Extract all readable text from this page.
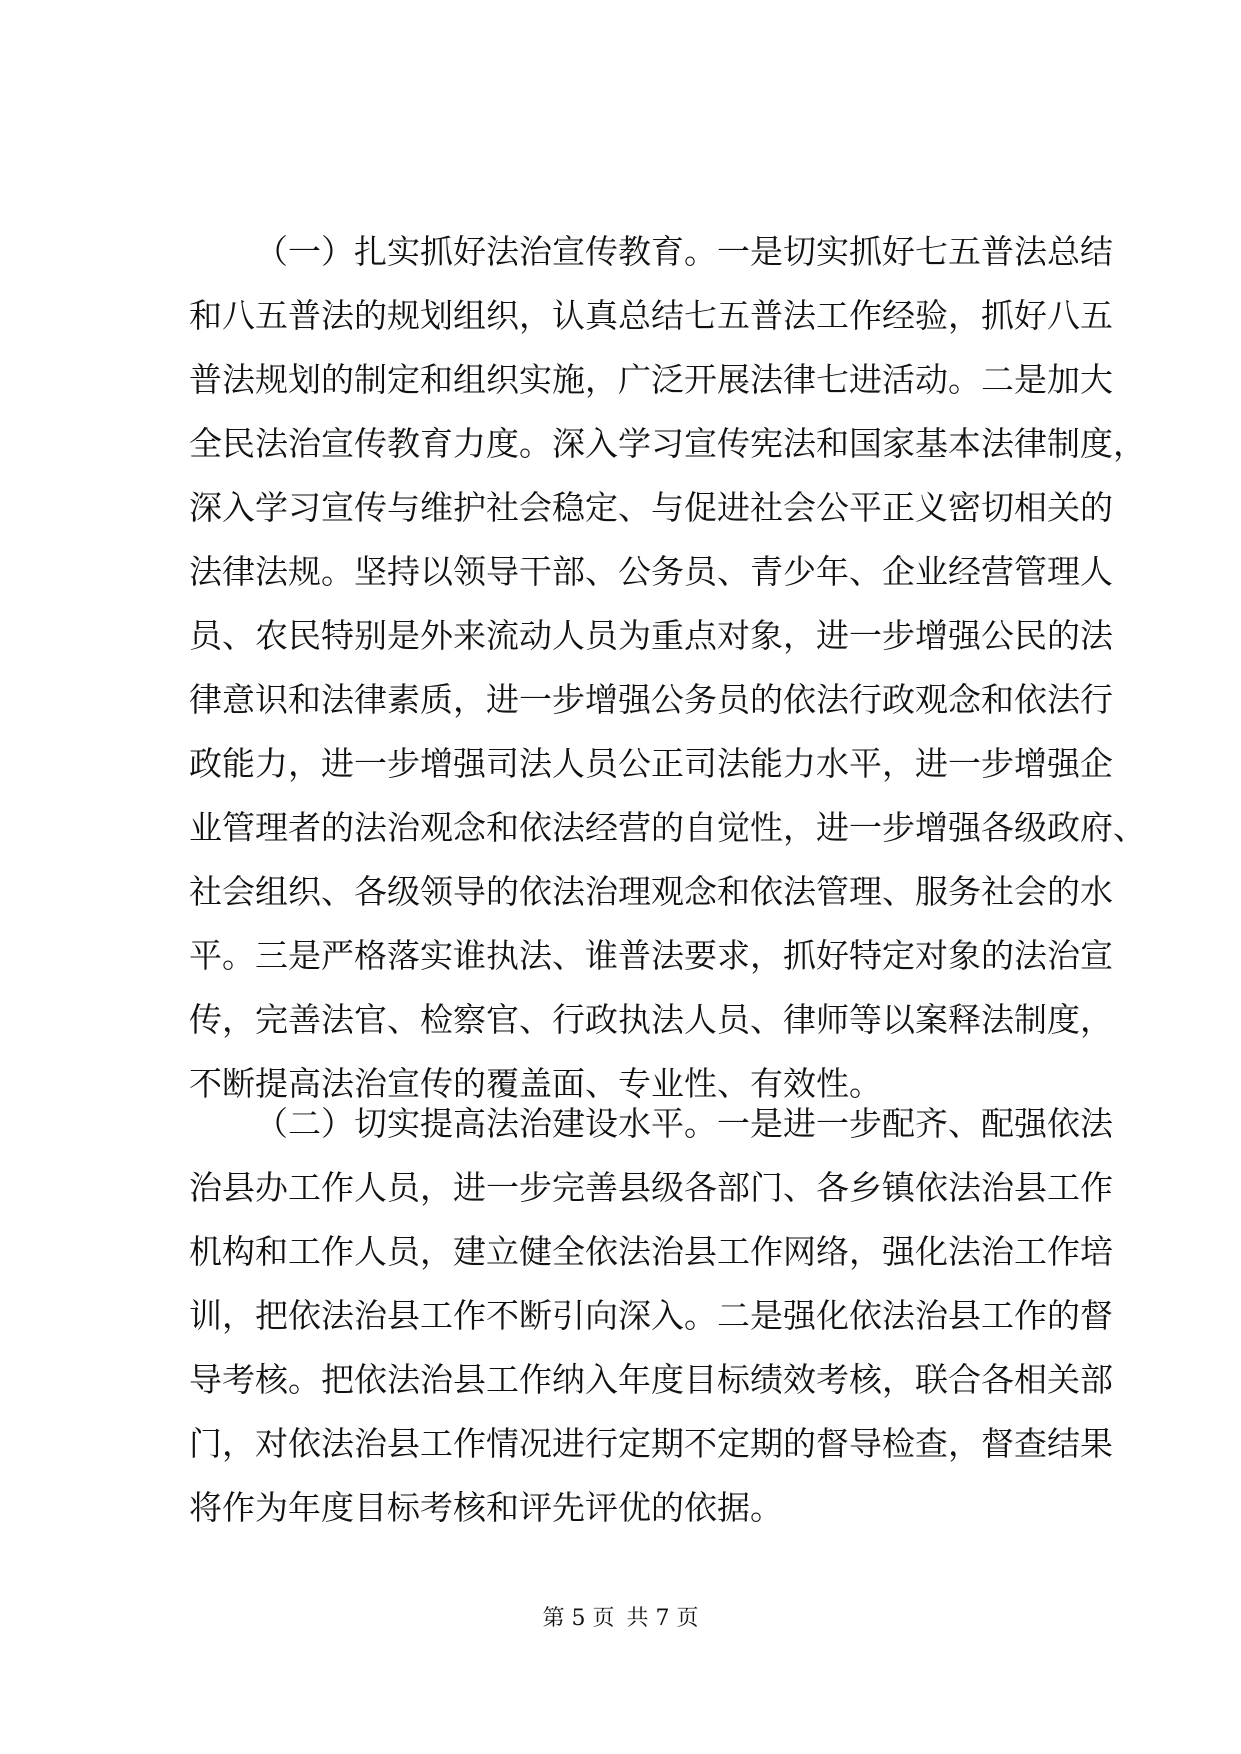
（一）扎实抓好法治宣传教育。一是切实抓好七五普法总结
和八五普法的规划组织，认真总结七五普法工作经验，抓好八五
普法规划的制定和组织实施，广泛开展法律七进活动。二是加大
全民法治宣传教育力度。深入学习宣传宪法和国家基本法律制度，
深入学习宣传与维护社会稳定、与促进社会公平正义密切相关的
法律法规。坚持以领导干部、公务员、青少年、企业经营管理人
员、农民特别是外来流动人员为重点对象，进一步增强公民的法
律意识和法律素质，进一步增强公务员的依法行政观念和依法行
政能力，进一步增强司法人员公正司法能力水平，进一步增强企
业管理者的法治观念和依法经营的自觉性，进一步增强各级政府、
社会组织、各级领导的依法治理观念和依法管理、服务社会的水
平。三是严格落实谁执法、谁普法要求，抓好特定对象的法治宣
传，完善法官、检察官、行政执法人员、律师等以案释法制度，
不断提高法治宣传的覆盖面、专业性、有效性。
（二）切实提高法治建设水平。一是进一步配齐、配强依法
治县办工作人员，进一步完善县级各部门、各乡镇依法治县工作
机构和工作人员，建立健全依法治县工作网络，强化法治工作培
训，把依法治县工作不断引向深入。二是强化依法治县工作的督
导考核。把依法治县工作纳入年度目标绩效考核，联合各相关部
门，对依法治县工作情况进行定期不定期的督导检查，督查结果
将作为年度目标考核和评先评优的依据。
第 5 页 共 7 页
